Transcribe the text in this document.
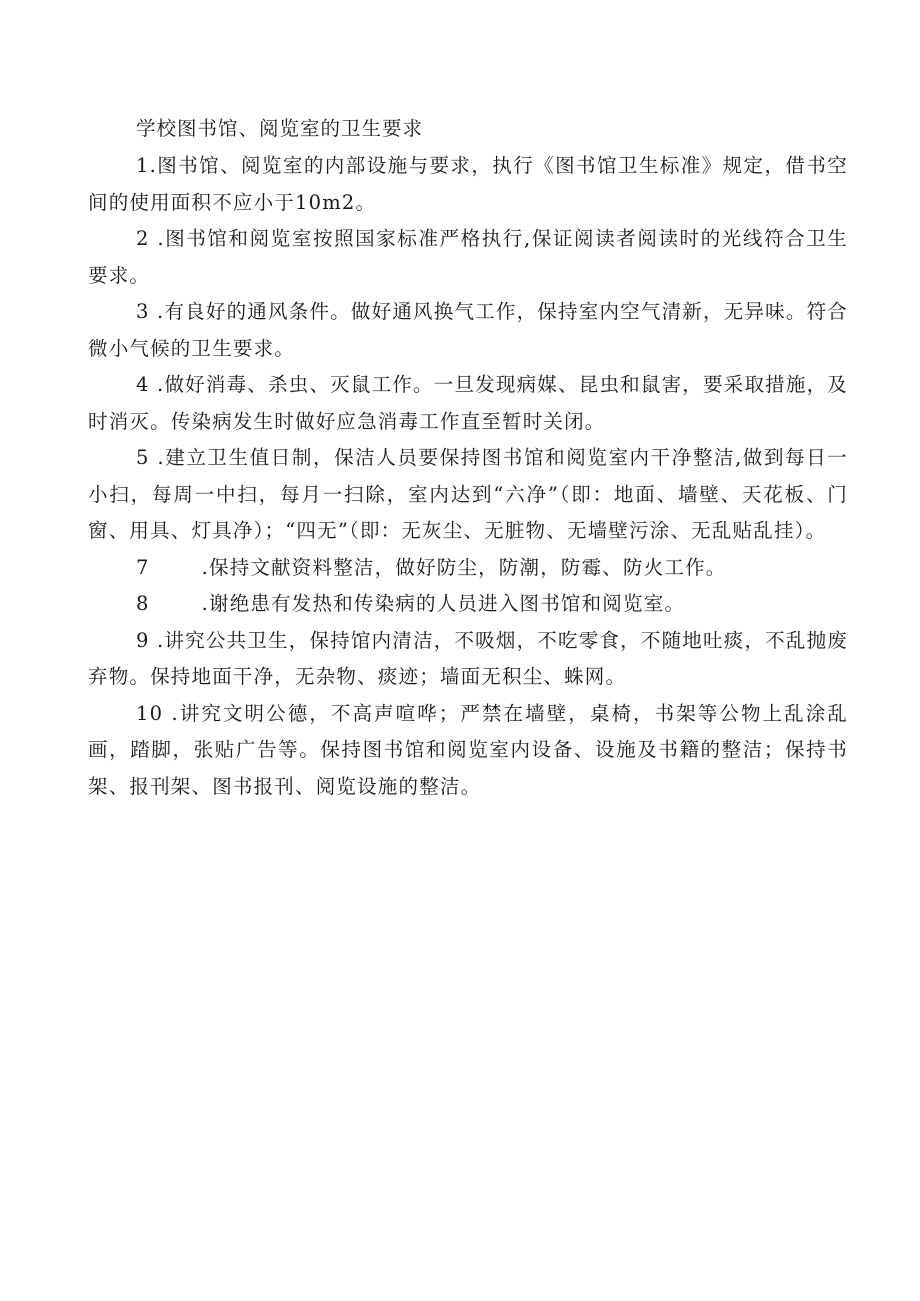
学校图书馆、阅览室的卫生要求

1.图书馆、阅览室的内部设施与要求，执行《图书馆卫生标准》规定，借书空间的使用面积不应小于10m2。

2 .图书馆和阅览室按照国家标准严格执行,保证阅读者阅读时的光线符合卫生要求。

3 .有良好的通风条件。做好通风换气工作，保持室内空气清新，无异味。符合微小气候的卫生要求。

4 .做好消毒、杀虫、灭鼠工作。一旦发现病媒、昆虫和鼠害，要采取措施，及时消灭。传染病发生时做好应急消毒工作直至暂时关闭。

5 .建立卫生值日制，保洁人员要保持图书馆和阅览室内干净整洁,做到每日一小扫，每周一中扫，每月一扫除，室内达到“六净”（即：地面、墙壁、天花板、门窗、用具、灯具净）；“四无”（即：无灰尘、无脏物、无墙壁污涂、无乱贴乱挂）。

7	.保持文献资料整洁，做好防尘，防潮，防霉、防火工作。

8	.谢绝患有发热和传染病的人员进入图书馆和阅览室。

9 .讲究公共卫生，保持馆内清洁，不吸烟，不吃零食，不随地吐痰，不乱抛废弃物。保持地面干净，无杂物、痰迹；墙面无积尘、蛛网。

10 .讲究文明公德，不高声喧哗；严禁在墙壁，桌椅，书架等公物上乱涂乱画，踏脚，张贴广告等。保持图书馆和阅览室内设备、设施及书籍的整洁；保持书架、报刊架、图书报刊、阅览设施的整洁。
